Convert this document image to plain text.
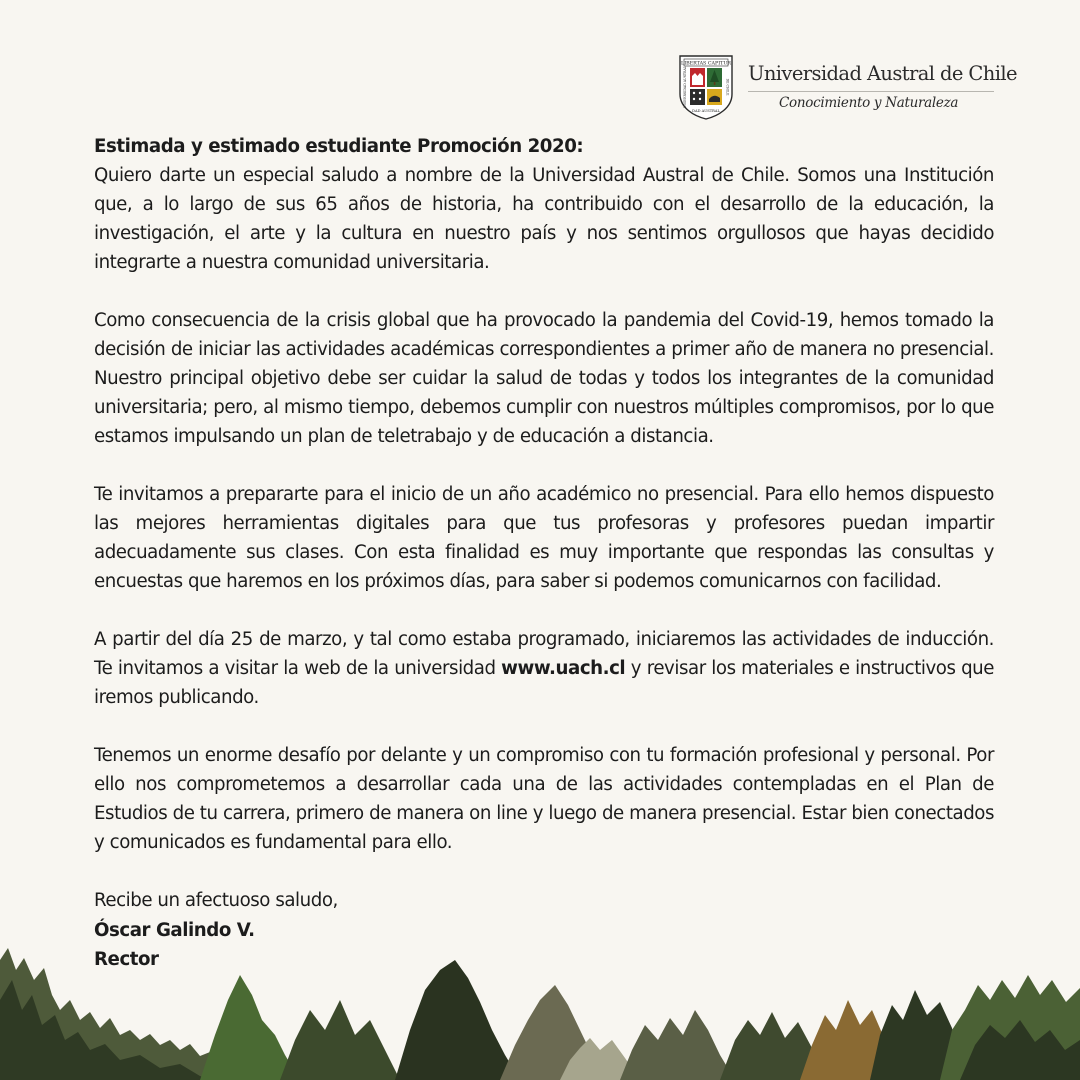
LIBERTAS CAPITUR
UNIVERSIDAD AUSTRAL	DE CHILE
DAD AUSTRAL
Universidad Austral de Chile
Conocimiento y Naturaleza

Estimada y estimado estudiante Promoción 2020:

Quiero darte un especial saludo a nombre de la Universidad Austral de Chile. Somos una Institución que, a lo largo de sus 65 años de historia, ha contribuido con el desarrollo de la educación, la investigación, el arte y la cultura en nuestro país y nos sentimos orgullosos que hayas decidido integrarte a nuestra comunidad universitaria.

Como consecuencia de la crisis global que ha provocado la pandemia del Covid-19, hemos tomado la decisión de iniciar las actividades académicas correspondientes a primer año de manera no presencial. Nuestro principal objetivo debe ser cuidar la salud de todas y todos los integrantes de la comunidad universitaria; pero, al mismo tiempo, debemos cumplir con nuestros múltiples compromisos, por lo que estamos impulsando un plan de teletrabajo y de educación a distancia.

Te invitamos a prepararte para el inicio de un año académico no presencial. Para ello hemos dispuesto las mejores herramientas digitales para que tus profesoras y profesores puedan impartir adecuadamente sus clases. Con esta finalidad es muy importante que respondas las consultas y encuestas que haremos en los próximos días, para saber si podemos comunicarnos con facilidad.

A partir del día 25 de marzo, y tal como estaba programado, iniciaremos las actividades de inducción. Te invitamos a visitar la web de la universidad www.uach.cl y revisar los materiales e instructivos que iremos publicando.

Tenemos un enorme desafío por delante y un compromiso con tu formación profesional y personal. Por ello nos comprometemos a desarrollar cada una de las actividades contempladas en el Plan de Estudios de tu carrera, primero de manera on line y luego de manera presencial. Estar bien conectados y comunicados es fundamental para ello.

Recibe un afectuoso saludo,
Óscar Galindo V.
